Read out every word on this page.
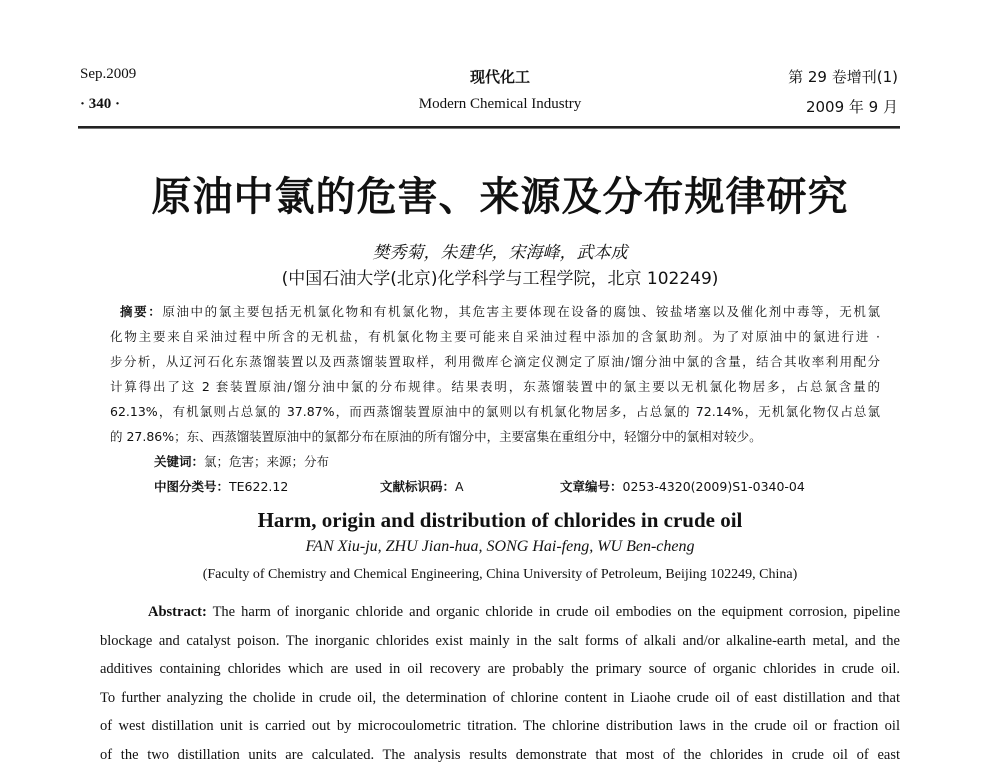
Sep.2009
· 340 ·
现代化工
Modern Chemical Industry
第 29 卷增刊(1)
2009 年 9 月
原油中氯的危害、来源及分布规律研究
樊秀菊，朱建华，宋海峰，武本成
(中国石油大学(北京)化学科学与工程学院，北京 102249)
摘要：原油中的氯主要包括无机氯化物和有机氯化物，其危害主要体现在设备的腐蚀、铵盐堵塞以及催化剂中毒等，无机氯
化物主要来自采油过程中所含的无机盐，有机氯化物主要可能来自采油过程中添加的含氯助剂。为了对原油中的氯进行进 ·
步分析，从辽河石化东蒸馏装置以及西蒸馏装置取样，利用微库仑滴定仪测定了原油/馏分油中氯的含量，结合其收率利用配分
计算得出了这 2 套装置原油/馏分油中氯的分布规律。结果表明，东蒸馏装置中的氯主要以无机氯化物居多，占总氯含量的
62.13%，有机氯则占总氯的 37.87%，而西蒸馏装置原油中的氯则以有机氯化物居多，占总氯的 72.14%，无机氯化物仅占总氯
的 27.86%；东、西蒸馏装置原油中的氯都分布在原油的所有馏分中，主要富集在重组分中，轻馏分中的氯相对较少。
关键词：氯；危害；来源；分布
中图分类号：TE622.12	文献标识码：A	文章编号：0253-4320(2009)S1-0340-04
Harm, origin and distribution of chlorides in crude oil
FAN Xiu-ju, ZHU Jian-hua, SONG Hai-feng, WU Ben-cheng
(Faculty of Chemistry and Chemical Engineering, China University of Petroleum, Beijing 102249, China)
Abstract: The harm of inorganic chloride and organic chloride in crude oil embodies on the equipment corrosion, pipeline
blockage and catalyst poison. The inorganic chlorides exist mainly in the salt forms of alkali and/or alkaline-earth metal, and the
additives containing chlorides which are used in oil recovery are probably the primary source of organic chlorides in crude oil.
To further analyzing the cholide in crude oil, the determination of chlorine content in Liaohe crude oil of east distillation and that
of west distillation unit is carried out by microcoulometric titration. The chlorine distribution laws in the crude oil or fraction oil
of the two distillation units are calculated. The analysis results demonstrate that most of the chlorides in crude oil of east
